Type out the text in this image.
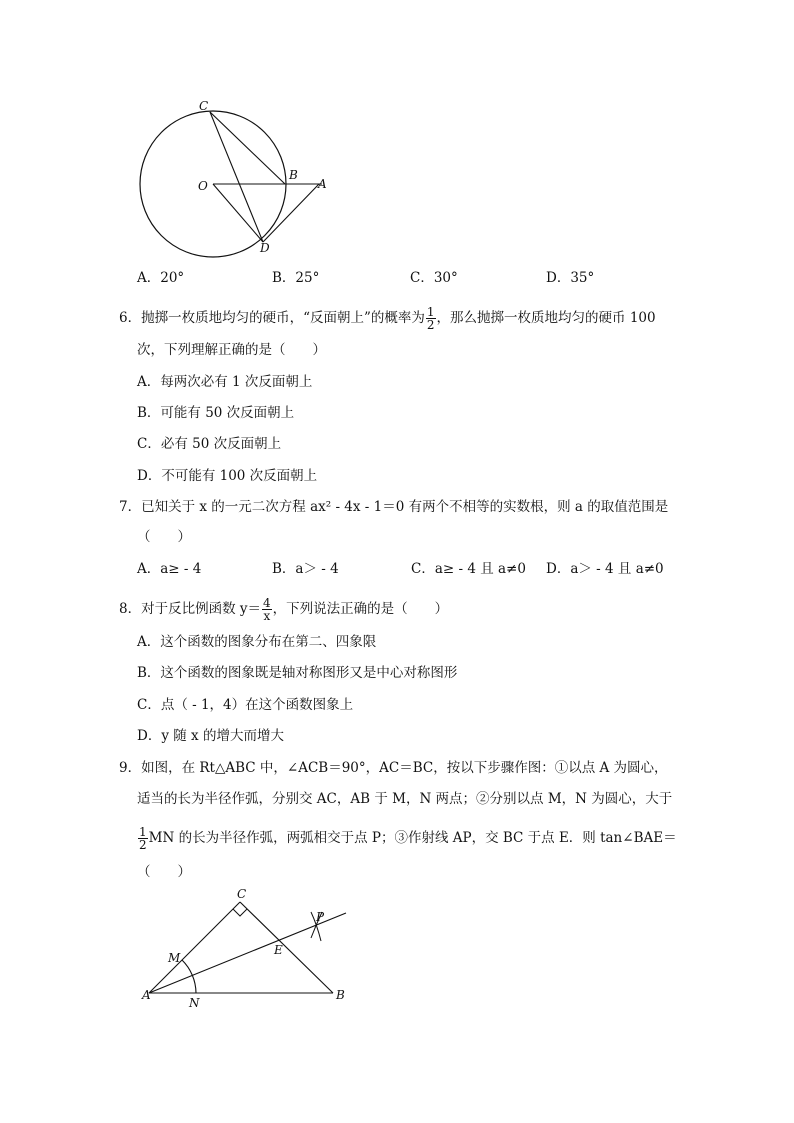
C
O
B
A
D
A．20°	B．25°	C．30°	D．35°
6．抛掷一枚质地均匀的硬币，“反面朝上”的概率为 $\frac{1}{2}$ ，那么抛掷一枚质地均匀的硬币 100
次，下列理解正确的是（　　）
A．每两次必有 1 次反面朝上
B．可能有 50 次反面朝上
C．必有 50 次反面朝上
D．不可能有 100 次反面朝上
7．已知关于 x 的一元二次方程 ax² - 4x - 1＝0 有两个不相等的实数根，则 a 的取值范围是
（　　）
A．a≥ - 4	B．a＞ - 4	C．a≥ - 4 且 a≠0 D．a＞ - 4 且 a≠0
8．对于反比例函数 $y= \frac{4}{x}$ ，下列说法正确的是（　　）
A．这个函数的图象分布在第二、四象限
B．这个函数的图象既是轴对称图形又是中心对称图形
C．点（ - 1，4）在这个函数图象上
D．y 随 x 的增大而增大
9．如图，在 Rt△ABC 中，∠ACB＝90°，AC＝BC，按以下步骤作图：①以点 A 为圆心，
适当的长为半径作弧，分别交 AC，AB 于 M，N 两点；②分别以点 M，N 为圆心，大于
$\frac{1}{2}$ MN 的长为半径作弧，两弧相交于点 P；③作射线 AP，交 BC 于点 E．则 tan∠BAE＝
（　　）
C
P
M
E
A
N
B
